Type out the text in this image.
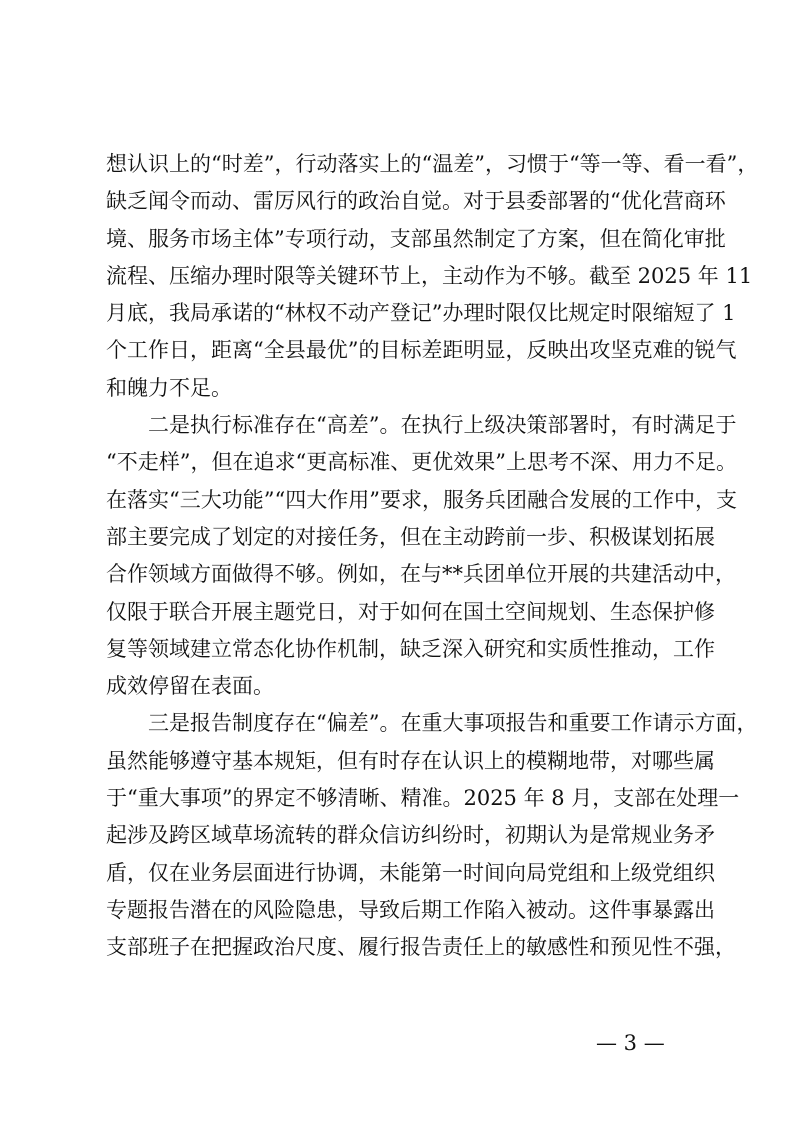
想认识上的“时差”，行动落实上的“温差”，习惯于“等一等、看一看”，
缺乏闻令而动、雷厉风行的政治自觉。对于县委部署的“优化营商环
境、服务市场主体”专项行动，支部虽然制定了方案，但在简化审批
流程、压缩办理时限等关键环节上，主动作为不够。截至 2025 年 11
月底，我局承诺的“林权不动产登记”办理时限仅比规定时限缩短了 1
个工作日，距离“全县最优”的目标差距明显，反映出攻坚克难的锐气
和魄力不足。
二是执行标准存在“高差”。在执行上级决策部署时，有时满足于
“不走样”，但在追求“更高标准、更优效果”上思考不深、用力不足。
在落实“三大功能”“四大作用”要求，服务兵团融合发展的工作中，支
部主要完成了划定的对接任务，但在主动跨前一步、积极谋划拓展
合作领域方面做得不够。例如，在与**兵团单位开展的共建活动中，
仅限于联合开展主题党日，对于如何在国土空间规划、生态保护修
复等领域建立常态化协作机制，缺乏深入研究和实质性推动，工作
成效停留在表面。
三是报告制度存在“偏差”。在重大事项报告和重要工作请示方面，
虽然能够遵守基本规矩，但有时存在认识上的模糊地带，对哪些属
于“重大事项”的界定不够清晰、精准。2025 年 8 月，支部在处理一
起涉及跨区域草场流转的群众信访纠纷时，初期认为是常规业务矛
盾，仅在业务层面进行协调，未能第一时间向局党组和上级党组织
专题报告潜在的风险隐患，导致后期工作陷入被动。这件事暴露出
支部班子在把握政治尺度、履行报告责任上的敏感性和预见性不强，
— 3 —
